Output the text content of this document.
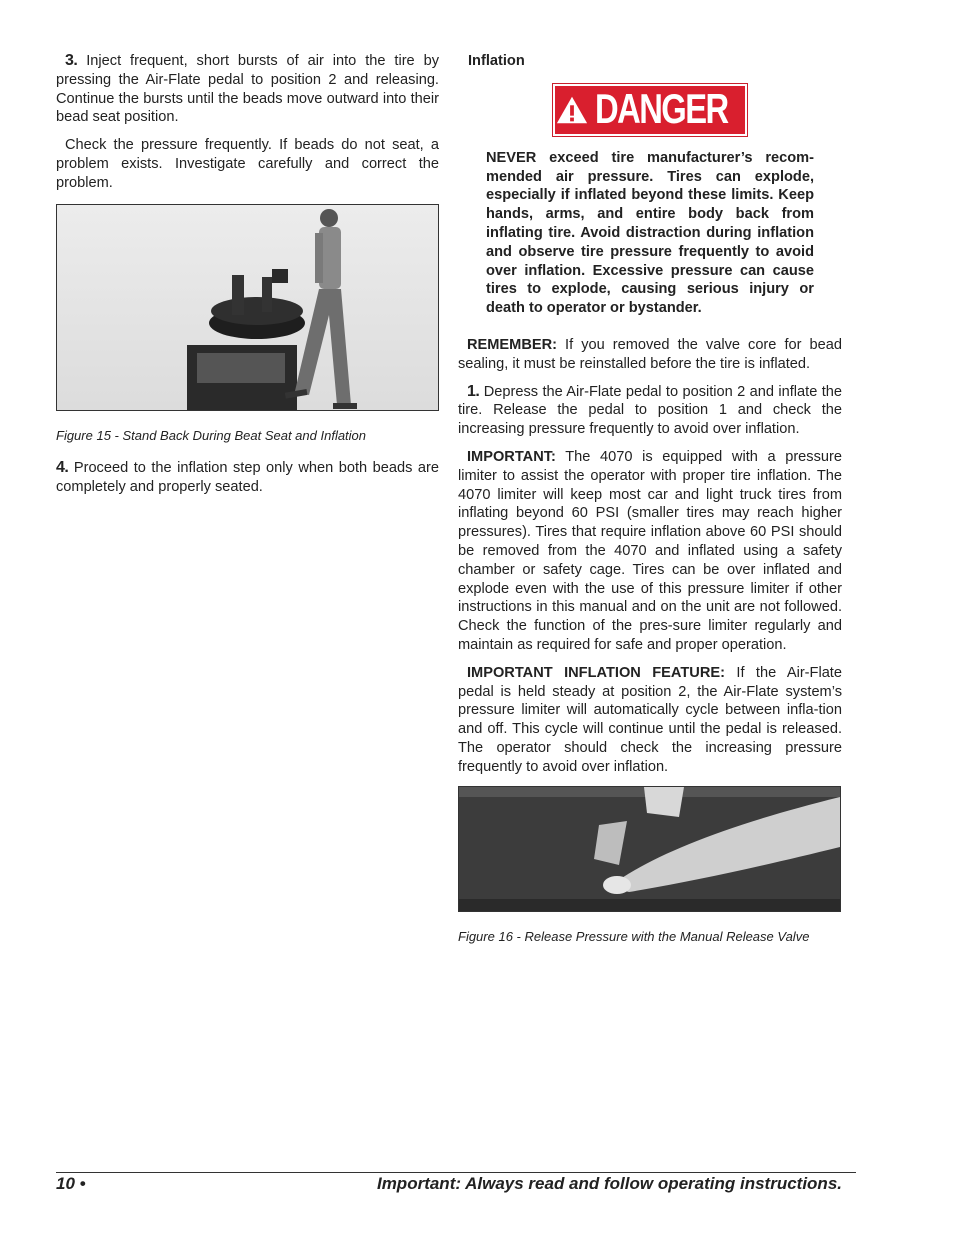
3. Inject frequent, short bursts of air into the tire by pressing the Air-Flate pedal to position 2 and releasing. Continue the bursts until the beads move outward into their bead seat position.

Check the pressure frequently. If beads do not seat, a problem exists. Investigate carefully and correct the problem.

Figure 15 - Stand Back During Beat Seat and Inflation

4. Proceed to the inflation step only when both beads are completely and properly seated.

Inflation
DANGER

NEVER exceed tire manufacturer’s recom-mended air pressure. Tires can explode, especially if inflated beyond these limits. Keep hands, arms, and entire body back from inflating tire. Avoid distraction during inflation and observe tire pressure frequently to avoid over inflation. Excessive pressure can cause tires to explode, causing serious injury or death to operator or bystander.

REMEMBER: If you removed the valve core for bead sealing, it must be reinstalled before the tire is inflated.

1. Depress the Air-Flate pedal to position 2 and inflate the tire. Release the pedal to position 1 and check the increasing pressure frequently to avoid over inflation.

IMPORTANT: The 4070 is equipped with a pressure limiter to assist the operator with proper tire inflation. The 4070 limiter will keep most car and light truck tires from inflating beyond 60 PSI (smaller tires may reach higher pressures). Tires that require inflation above 60 PSI should be removed from the 4070 and inflated using a safety chamber or safety cage. Tires can be over inflated and explode even with the use of this pressure limiter if other instructions in this manual and on the unit are not followed. Check the function of the pres-sure limiter regularly and maintain as required for safe and proper operation.

IMPORTANT INFLATION FEATURE: If the Air-Flate pedal is held steady at position 2, the Air-Flate system’s pressure limiter will automatically cycle between infla-tion and off. This cycle will continue until the pedal is released. The operator should check the increasing pressure frequently to avoid over inflation.

Figure 16 - Release Pressure with the Manual Release Valve
10 •	Important: Always read and follow operating instructions.
